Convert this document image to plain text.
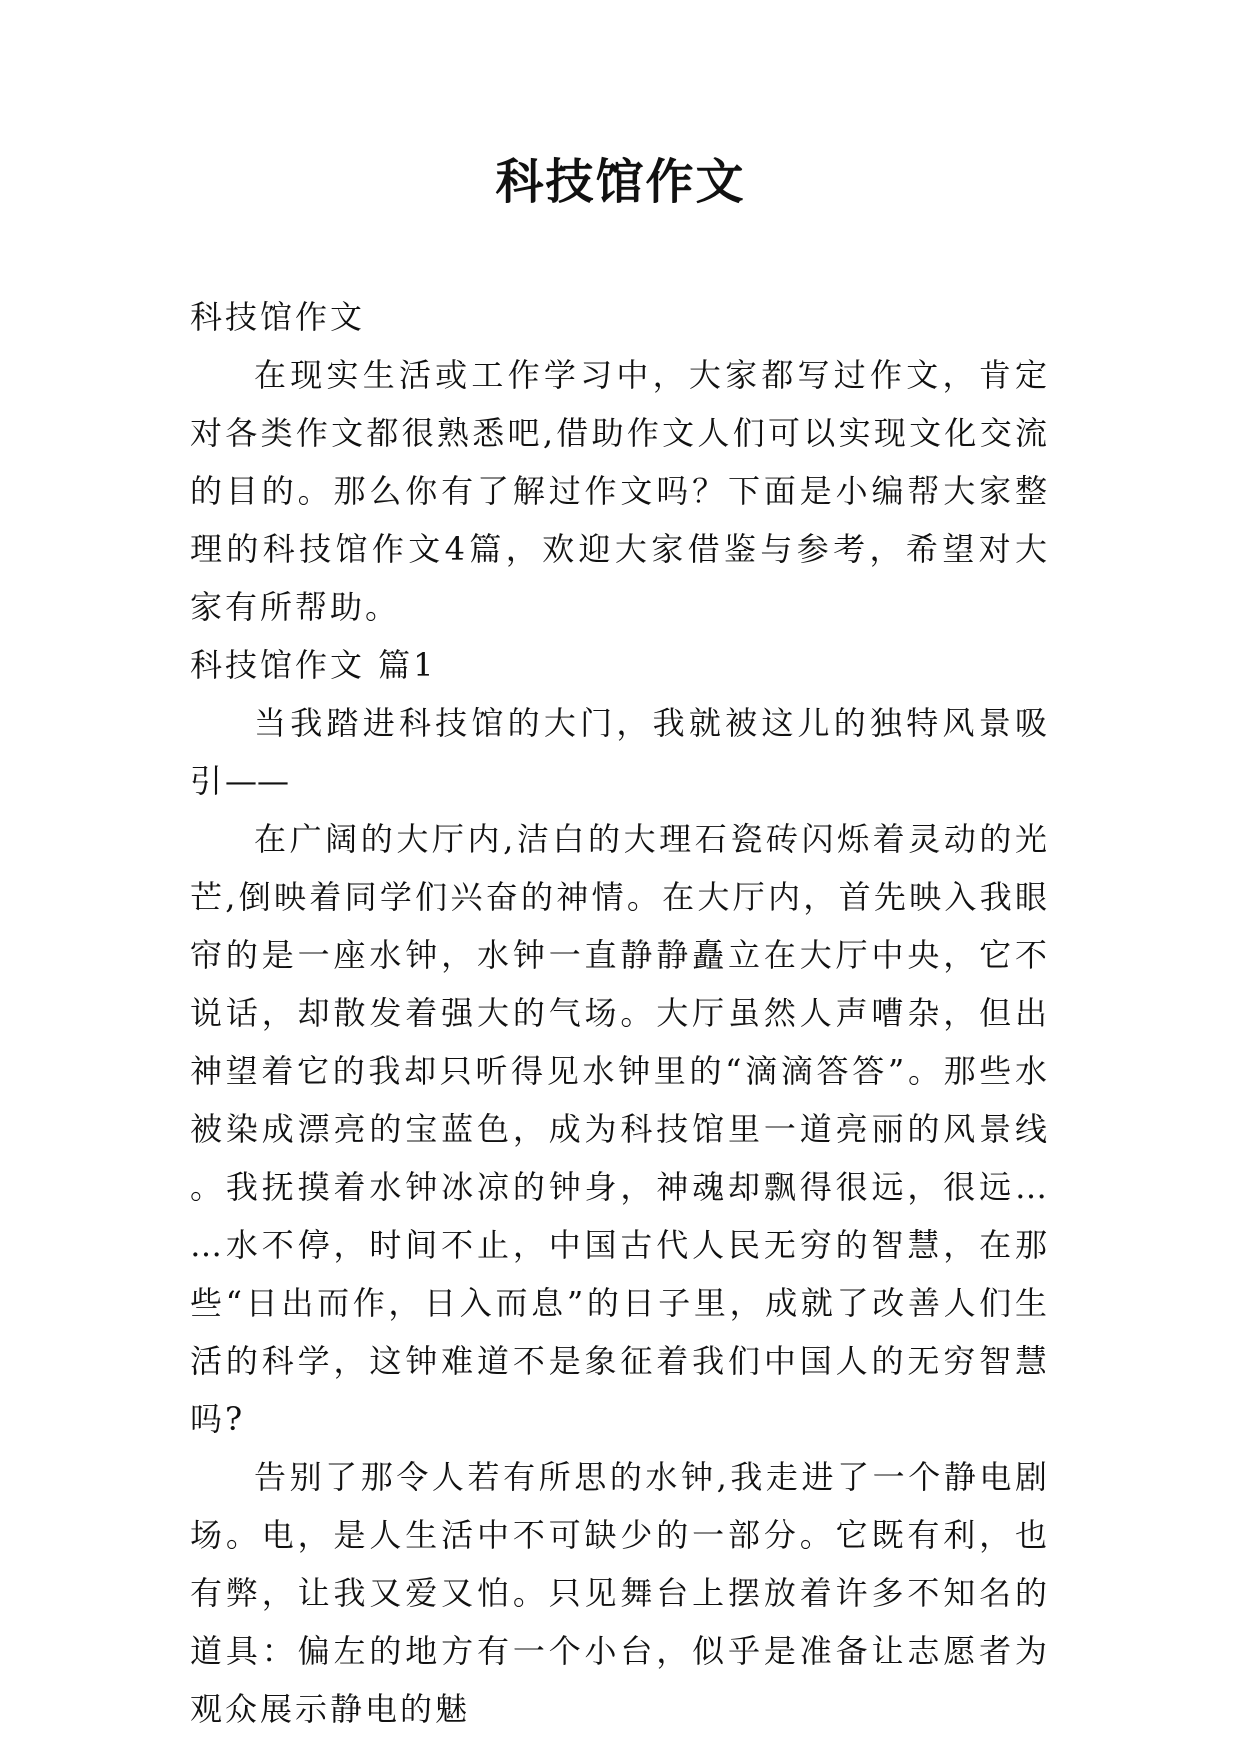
科技馆作文

科技馆作文

在现实生活或工作学习中，大家都写过作文，肯定对各类作文都很熟悉吧,借助作文人们可以实现文化交流的目的。那么你有了解过作文吗？下面是小编帮大家整理的科技馆作文4篇，欢迎大家借鉴与参考，希望对大家有所帮助。

科技馆作文 篇1

当我踏进科技馆的大门，我就被这儿的独特风景吸引——

在广阔的大厅内,洁白的大理石瓷砖闪烁着灵动的光芒,倒映着同学们兴奋的神情。在大厅内，首先映入我眼帘的是一座水钟，水钟一直静静矗立在大厅中央，它不说话，却散发着强大的气场。大厅虽然人声嘈杂，但出神望着它的我却只听得见水钟里的“滴滴答答”。那些水被染成漂亮的宝蓝色，成为科技馆里一道亮丽的风景线。我抚摸着水钟冰凉的钟身，神魂却飘得很远，很远……水不停，时间不止，中国古代人民无穷的智慧，在那些“日出而作，日入而息”的日子里，成就了改善人们生活的科学，这钟难道不是象征着我们中国人的无穷智慧吗?

告别了那令人若有所思的水钟,我走进了一个静电剧场。电，是人生活中不可缺少的一部分。它既有利，也有弊，让我又爱又怕。只见舞台上摆放着许多不知名的道具：偏左的地方有一个小台，似乎是准备让志愿者为观众展示静电的魅
